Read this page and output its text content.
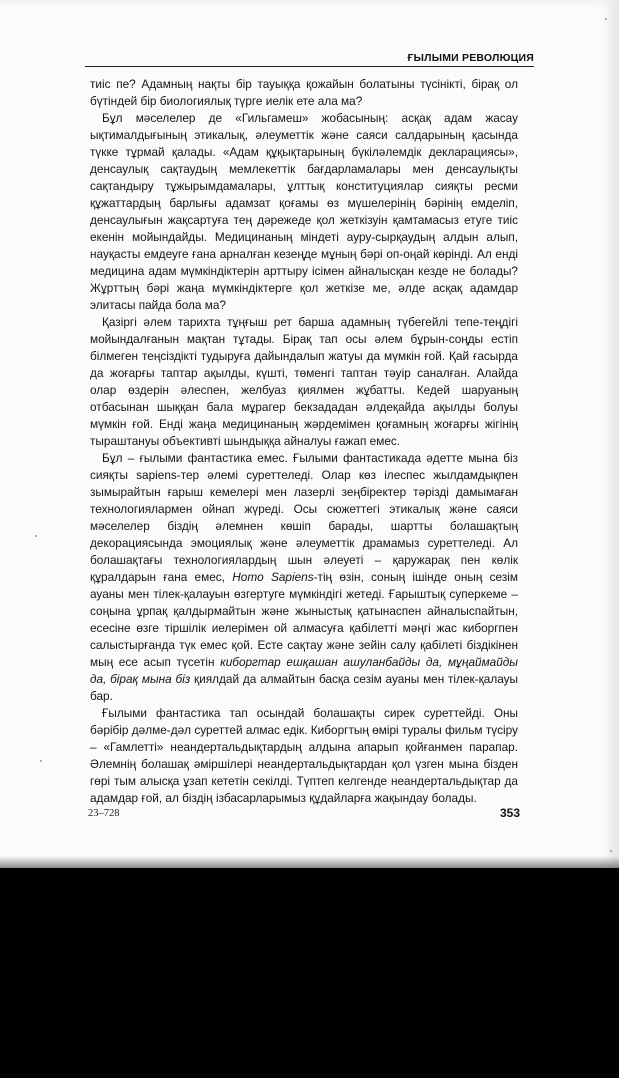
ҒЫЛЫМИ РЕВОЛЮЦИЯ

тиіс пе? Адамның нақты бір тауыққа қожайын болатыны түсінікті, бірақ ол бүтіндей бір биологиялық түрге иелік ете ала ма?

Бұл мәселелер де «Гильгамеш» жобасының: асқақ адам жасау ықтималдығының этикалық, әлеуметтік және саяси салдарының қасында түкке тұрмай қалады. «Адам құқықтарының бүкіләлемдік декларациясы», денсаулық сақтаудың мемлекеттік бағдарламалары мен денсаулықты сақтандыру тұжырымдамалары, ұлттық конституциялар сияқты ресми құжаттардың барлығы адамзат қоғамы өз мүшелерінің бәрінің емделіп, денсаулығын жақсартуға тең дәрежеде қол жеткізуін қамтамасыз етуге тиіс екенін мойындайды. Медицинаның міндеті ауру-сырқаудың алдын алып, науқасты емдеуге ғана арналған кезеңде мұның бәрі оп-оңай көрінді. Ал енді медицина адам мүмкіндіктерін арттыру ісімен айналысқан кезде не болады? Жұрттың бәрі жаңа мүмкіндіктерге қол жеткізе ме, әлде асқақ адамдар элитасы пайда бола ма?

Қазіргі әлем тарихта тұңғыш рет барша адамның түбегейлі тепе-теңдігі мойындалғанын мақтан тұтады. Бірақ тап осы әлем бұрын-соңды естіп білмеген теңсіздікті тудыруға дайындалып жатуы да мүмкін ғой. Қай ғасырда да жоғарғы таптар ақылды, күшті, төменгі таптан тәуір саналған. Алайда олар өздерін әлеспен, желбуаз қиялмен жұбатты. Кедей шаруаның отбасынан шыққан бала мұрагер бекзададан әлдеқайда ақылды болуы мүмкін ғой. Енді жаңа медицинаның жәрдемімен қоғамның жоғарғы жігінің тыраштануы объективті шындыққа айналуы ғажап емес.

Бұл – ғылыми фантастика емес. Ғылыми фантастикада әдетте мына біз сияқты sapiens-тер әлемі суреттеледі. Олар көз ілеспес жылдамдықпен зымырайтын ғарыш кемелері мен лазерлі зеңбіректер тәрізді дамымаған технологиялармен ойнап жүреді. Осы сюжеттегі этикалық және саяси мәселелер біздің әлемнен көшіп барады, шартты болашақтың декорациясында эмоциялық және әлеуметтік драмамыз суреттеледі. Ал болашақтағы технологиялардың шын әлеуеті – қаружарақ пен көлік құралдарын ғана емес, Homo Sapiens-тің өзін, соның ішінде оның сезім ауаны мен тілек-қалауын өзгертуге мүмкіндігі жетеді. Ғарыштық суперкеме – соңына ұрпақ қалдырмайтын және жыныстық қатынаспен айналыспайтын, есесіне өзге тіршілік иелерімен ой алмасуға қабілетті мәңгі жас киборгпен салыстырғанда түк емес қой. Есте сақтау және зейін салу қабілеті біздікінен мың есе асып түсетін киборгтар ешқашан ашуланбайды да, мұңаймайды да, бірақ мына біз қиялдай да алмайтын басқа сезім ауаны мен тілек-қалауы бар.

Ғылыми фантастика тап осындай болашақты сирек суреттейді. Оны бәрібір дәлме-дәл суреттей алмас едік. Киборгтың өмірі туралы фильм түсіру – «Гамлетті» неандертальдықтардың алдына апарып қойғанмен парапар. Әлемнің болашақ әміршілері неандертальдықтардан қол үзген мына бізден гөрі тым алысқа ұзап кететін секілді. Түптеп келгенде неандертальдықтар да адамдар ғой, ал біздің ізбасарларымыз құдайларға жақындау болады.

23–728	353
